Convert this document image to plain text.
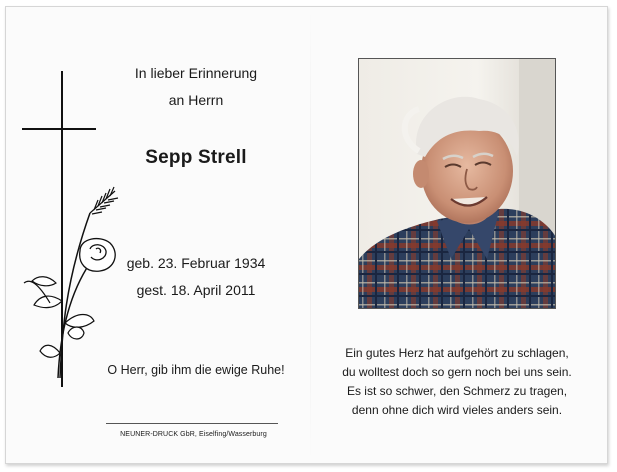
In lieber Erinnerung
an Herrn
Sepp Strell
geb. 23. Februar 1934
gest. 18. April 2011
O Herr, gib ihm die ewige Ruhe!
NEUNER-DRUCK GbR, Eiselfing/Wasserburg
Ein gutes Herz hat aufgehört zu schlagen,
du wolltest doch so gern noch bei uns sein.
Es ist so schwer, den Schmerz zu tragen,
denn ohne dich wird vieles anders sein.
